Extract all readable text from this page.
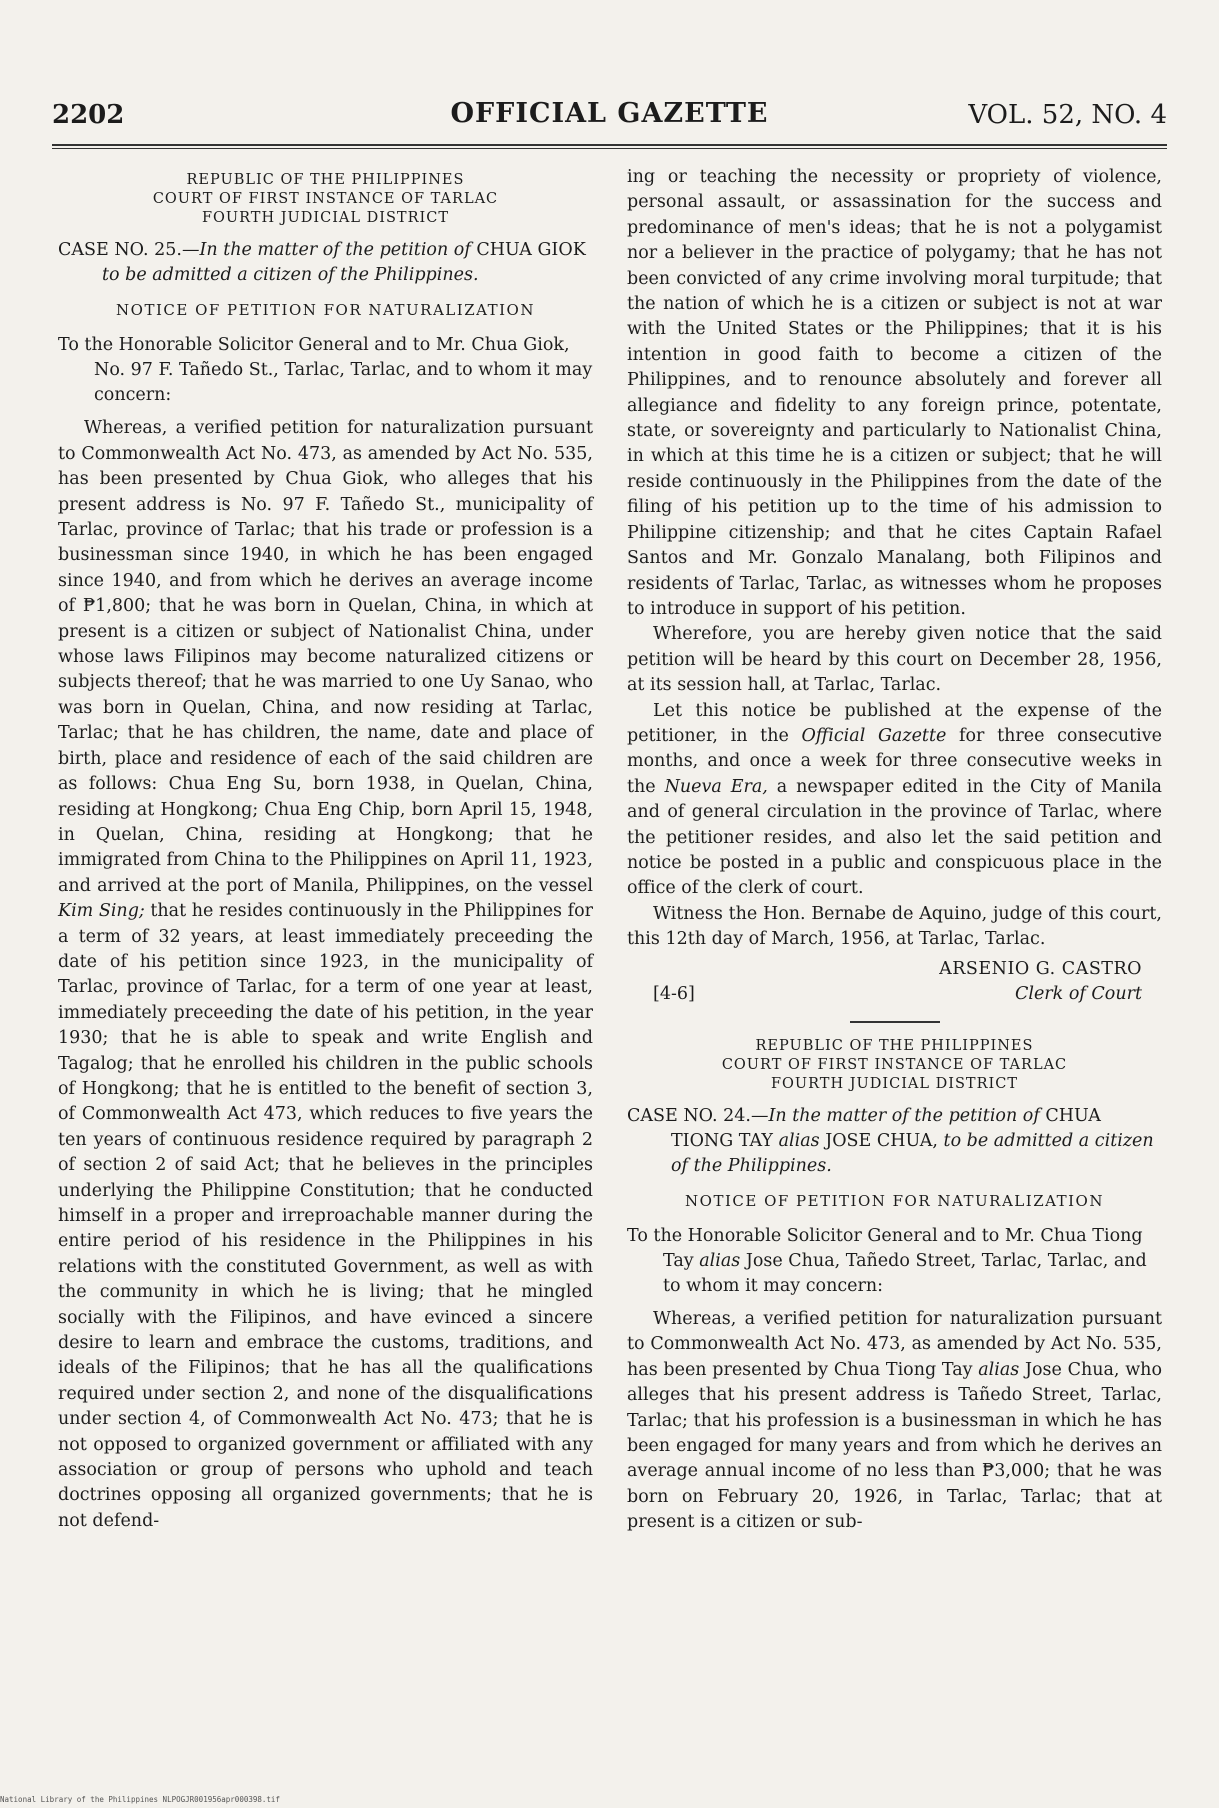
2202	OFFICIAL GAZETTE	VOL. 52, NO. 4
REPUBLIC OF THE PHILIPPINES
COURT OF FIRST INSTANCE OF TARLAC
FOURTH JUDICIAL DISTRICT
CASE NO. 25.—In the matter of the petition of CHUA GIOK to be admitted a citizen of the Philippines.
NOTICE OF PETITION FOR NATURALIZATION
To the Honorable Solicitor General and to Mr. Chua Giok, No. 97 F. Tañedo St., Tarlac, Tarlac, and to whom it may concern:

Whereas, a verified petition for naturalization pursuant to Commonwealth Act No. 473, as amended by Act No. 535, has been presented by Chua Giok, who alleges that his present address is No. 97 F. Tañedo St., municipality of Tarlac, province of Tarlac; that his trade or profession is a businessman since 1940, in which he has been engaged since 1940, and from which he derives an average income of ₱1,800; that he was born in Quelan, China, in which at present is a citizen or subject of Nationalist China, under whose laws Filipinos may become naturalized citizens or subjects thereof; that he was married to one Uy Sanao, who was born in Quelan, China, and now residing at Tarlac, Tarlac; that he has children, the name, date and place of birth, place and residence of each of the said children are as follows: Chua Eng Su, born 1938, in Quelan, China, residing at Hongkong; Chua Eng Chip, born April 15, 1948, in Quelan, China, residing at Hongkong; that he immigrated from China to the Philippines on April 11, 1923, and arrived at the port of Manila, Philippines, on the vessel Kim Sing; that he resides continuously in the Philippines for a term of 32 years, at least immediately preceeding the date of his petition since 1923, in the municipality of Tarlac, province of Tarlac, for a term of one year at least, immediately preceeding the date of his petition, in the year 1930; that he is able to speak and write English and Tagalog; that he enrolled his children in the public schools of Hongkong; that he is entitled to the benefit of section 3, of Commonwealth Act 473, which reduces to five years the ten years of continuous residence required by paragraph 2 of section 2 of said Act; that he believes in the principles underlying the Philippine Constitution; that he conducted himself in a proper and irreproachable manner during the entire period of his residence in the Philippines in his relations with the constituted Government, as well as with the community in which he is living; that he mingled socially with the Filipinos, and have evinced a sincere desire to learn and embrace the customs, traditions, and ideals of the Filipinos; that he has all the qualifications required under section 2, and none of the disqualifications under section 4, of Commonwealth Act No. 473; that he is not opposed to organized government or affiliated with any association or group of persons who uphold and teach doctrines opposing all organized governments; that he is not defend-

ing or teaching the necessity or propriety of violence, personal assault, or assassination for the success and predominance of men's ideas; that he is not a polygamist nor a believer in the practice of polygamy; that he has not been convicted of any crime involving moral turpitude; that the nation of which he is a citizen or subject is not at war with the United States or the Philippines; that it is his intention in good faith to become a citizen of the Philippines, and to renounce absolutely and forever all allegiance and fidelity to any foreign prince, potentate, state, or sovereignty and particularly to Nationalist China, in which at this time he is a citizen or subject; that he will reside continuously in the Philippines from the date of the filing of his petition up to the time of his admission to Philippine citizenship; and that he cites Captain Rafael Santos and Mr. Gonzalo Manalang, both Filipinos and residents of Tarlac, Tarlac, as witnesses whom he proposes to introduce in support of his petition.

Wherefore, you are hereby given notice that the said petition will be heard by this court on December 28, 1956, at its session hall, at Tarlac, Tarlac.

Let this notice be published at the expense of the petitioner, in the Official Gazette for three consecutive months, and once a week for three consecutive weeks in the Nueva Era, a newspaper edited in the City of Manila and of general circulation in the province of Tarlac, where the petitioner resides, and also let the said petition and notice be posted in a public and conspicuous place in the office of the clerk of court.

Witness the Hon. Bernabe de Aquino, judge of this court, this 12th day of March, 1956, at Tarlac, Tarlac.

ARSENIO G. CASTRO
[4-6]	Clerk of Court
REPUBLIC OF THE PHILIPPINES
COURT OF FIRST INSTANCE OF TARLAC
FOURTH JUDICIAL DISTRICT
CASE NO. 24.—In the matter of the petition of CHUA TIONG TAY alias JOSE CHUA, to be admitted a citizen of the Philippines.
NOTICE OF PETITION FOR NATURALIZATION
To the Honorable Solicitor General and to Mr. Chua Tiong Tay alias Jose Chua, Tañedo Street, Tarlac, Tarlac, and to whom it may concern:

Whereas, a verified petition for naturalization pursuant to Commonwealth Act No. 473, as amended by Act No. 535, has been presented by Chua Tiong Tay alias Jose Chua, who alleges that his present address is Tañedo Street, Tarlac, Tarlac; that his profession is a businessman in which he has been engaged for many years and from which he derives an average annual income of no less than ₱3,000; that he was born on February 20, 1926, in Tarlac, Tarlac; that at present is a citizen or sub-

National Library of the Philippines NLPOGJR001956apr000398.tif
